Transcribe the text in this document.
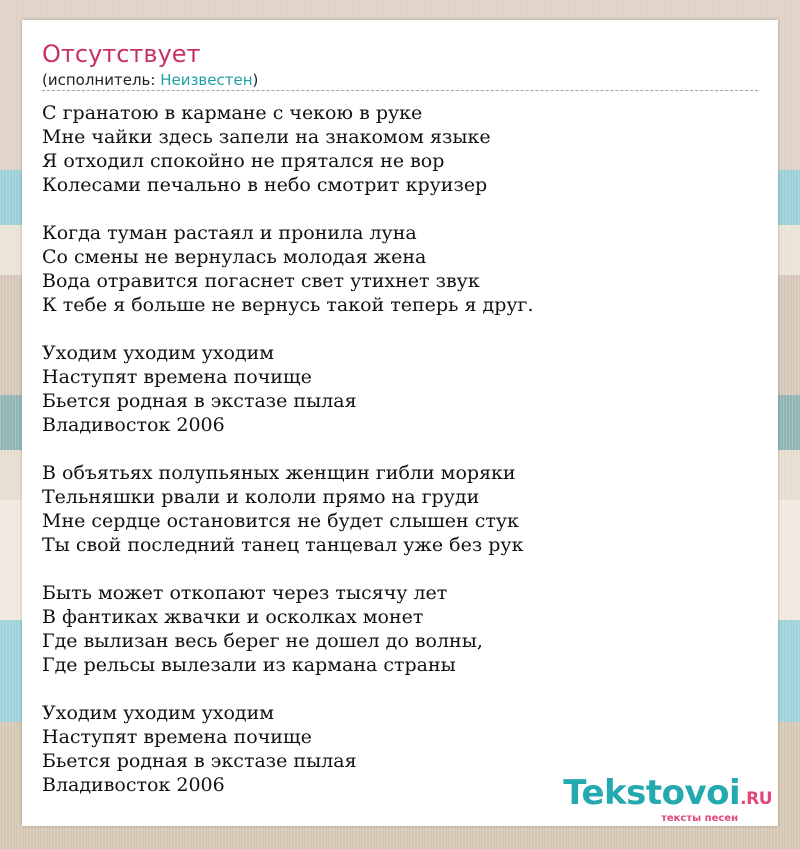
Отсутствует
(исполнитель: Неизвестен)
С гранатою в кармане с чекою в руке
Мне чайки здесь запели на знакомом языке
Я отходил спокойно не прятался не вор
Колесами печально в небо смотрит круизер
Когда туман растаял и пронила луна
Со смены не вернулась молодая жена
Вода отравится погаснет свет утихнет звук
К тебе я больше не вернусь такой теперь я друг.
Уходим уходим уходим
Наступят времена почище
Бьется родная в экстазе пылая
Владивосток 2006
В объятьях полупьяных женщин гибли моряки
Тельняшки рвали и кололи прямо на груди
Мне сердце остановится не будет слышен стук
Ты свой последний танец танцевал уже без рук
Быть может откопают через тысячу лет
В фантиках жвачки и осколках монет
Где вылизан весь берег не дошел до волны,
Где рельсы вылезали из кармана страны
Уходим уходим уходим
Наступят времена почище
Бьется родная в экстазе пылая
Владивосток 2006	Tekstovoi.RU
тексты песен
